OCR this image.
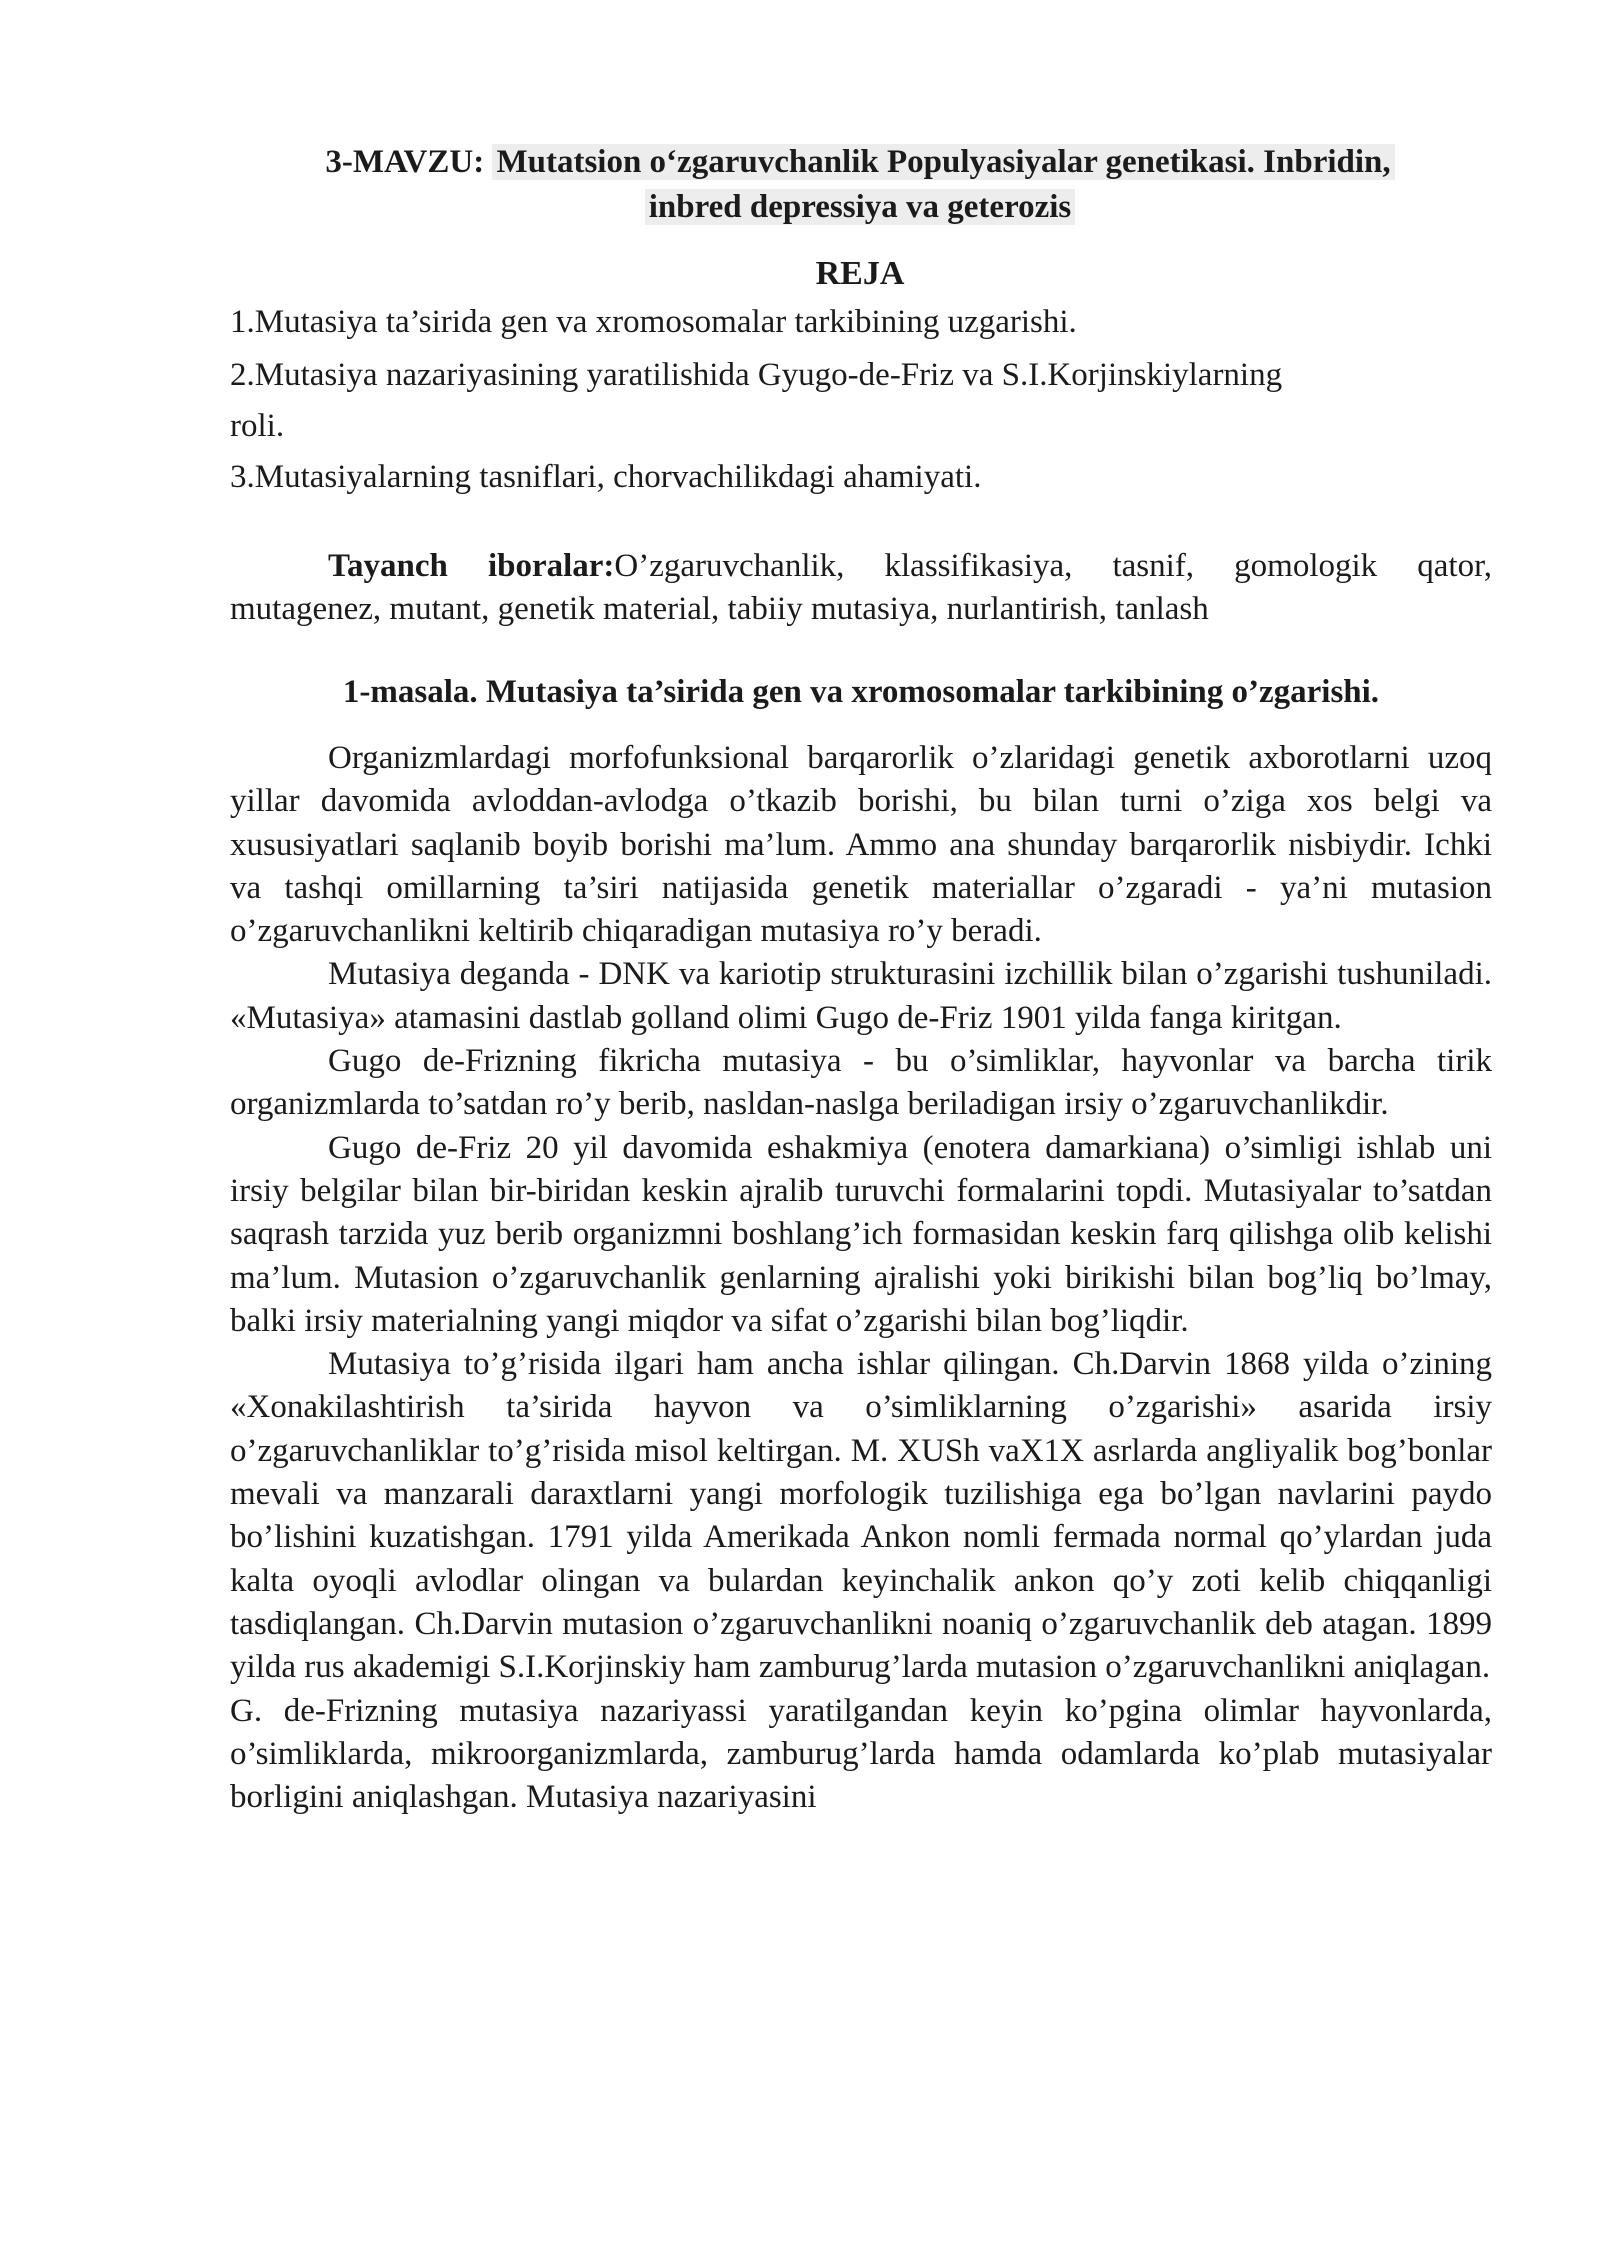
3-MAVZU: Mutatsion o‘zgaruvchanlik Populyasiyalar genetikasi. Inbridin,
inbred depressiya va geterozis
REJA

1.Mutasiya ta’sirida gen va xromosomalar tarkibining uzgarishi.

2.Mutasiya nazariyasining yaratilishida Gyugo-de-Friz va S.I.Korjinskiylarning

roli.

3.Mutasiyalarning tasniflari, chorvachilikdagi ahamiyati.

Tayanch iboralar:O’zgaruvchanlik, klassifikasiya, tasnif, gomologik qator, mutagenez, mutant, genetik material, tabiiy mutasiya, nurlantirish, tanlash

1-masala. Mutasiya ta’sirida gen va xromosomalar tarkibining o’zgarishi.

Organizmlardagi morfofunksional barqarorlik o’zlaridagi genetik axborotlarni uzoq yillar davomida avloddan-avlodga o’tkazib borishi, bu bilan turni o’ziga xos belgi va xususiyatlari saqlanib boyib borishi ma’lum. Ammo ana shunday barqarorlik nisbiydir. Ichki va tashqi omillarning ta’siri natijasida genetik materiallar o’zgaradi - ya’ni mutasion o’zgaruvchanlikni keltirib chiqaradigan mutasiya ro’y beradi.

Mutasiya deganda - DNK va kariotip strukturasini izchillik bilan o’zgarishi tushuniladi. «Mutasiya» atamasini dastlab golland olimi Gugo de-Friz 1901 yilda fanga kiritgan.

Gugo de-Frizning fikricha mutasiya - bu o’simliklar, hayvonlar va barcha tirik organizmlarda to’satdan ro’y berib, nasldan-naslga beriladigan irsiy o’zgaruvchanlikdir.

Gugo de-Friz 20 yil davomida eshakmiya (enotera damarkiana) o’simligi ishlab uni irsiy belgilar bilan bir-biridan keskin ajralib turuvchi formalarini topdi. Mutasiyalar to’satdan saqrash tarzida yuz berib organizmni boshlang’ich formasidan keskin farq qilishga olib kelishi ma’lum. Mutasion o’zgaruvchanlik genlarning ajralishi yoki birikishi bilan bog’liq bo’lmay, balki irsiy materialning yangi miqdor va sifat o’zgarishi bilan bog’liqdir.

Mutasiya to’g’risida ilgari ham ancha ishlar qilingan. Ch.Darvin 1868 yilda o’zining «Xonakilashtirish ta’sirida hayvon va o’simliklarning o’zgarishi» asarida irsiy o’zgaruvchanliklar to’g’risida misol keltirgan. M. XUSh vaX1X asrlarda angliyalik bog’bonlar mevali va manzarali daraxtlarni yangi morfologik tuzilishiga ega bo’lgan navlarini paydo bo’lishini kuzatishgan. 1791 yilda Amerikada Ankon nomli fermada normal qo’ylardan juda kalta oyoqli avlodlar olingan va bulardan keyinchalik ankon qo’y zoti kelib chiqqanligi tasdiqlangan. Ch.Darvin mutasion o’zgaruvchanlikni noaniq o’zgaruvchanlik deb atagan. 1899 yilda rus akademigi S.I.Korjinskiy ham zamburug’larda mutasion o’zgaruvchanlikni aniqlagan.

G. de-Frizning mutasiya nazariyassi yaratilgandan keyin ko’pgina olimlar hayvonlarda, o’simliklarda, mikroorganizmlarda, zamburug’larda hamda odamlarda ko’plab mutasiyalar borligini aniqlashgan. Mutasiya nazariyasini
